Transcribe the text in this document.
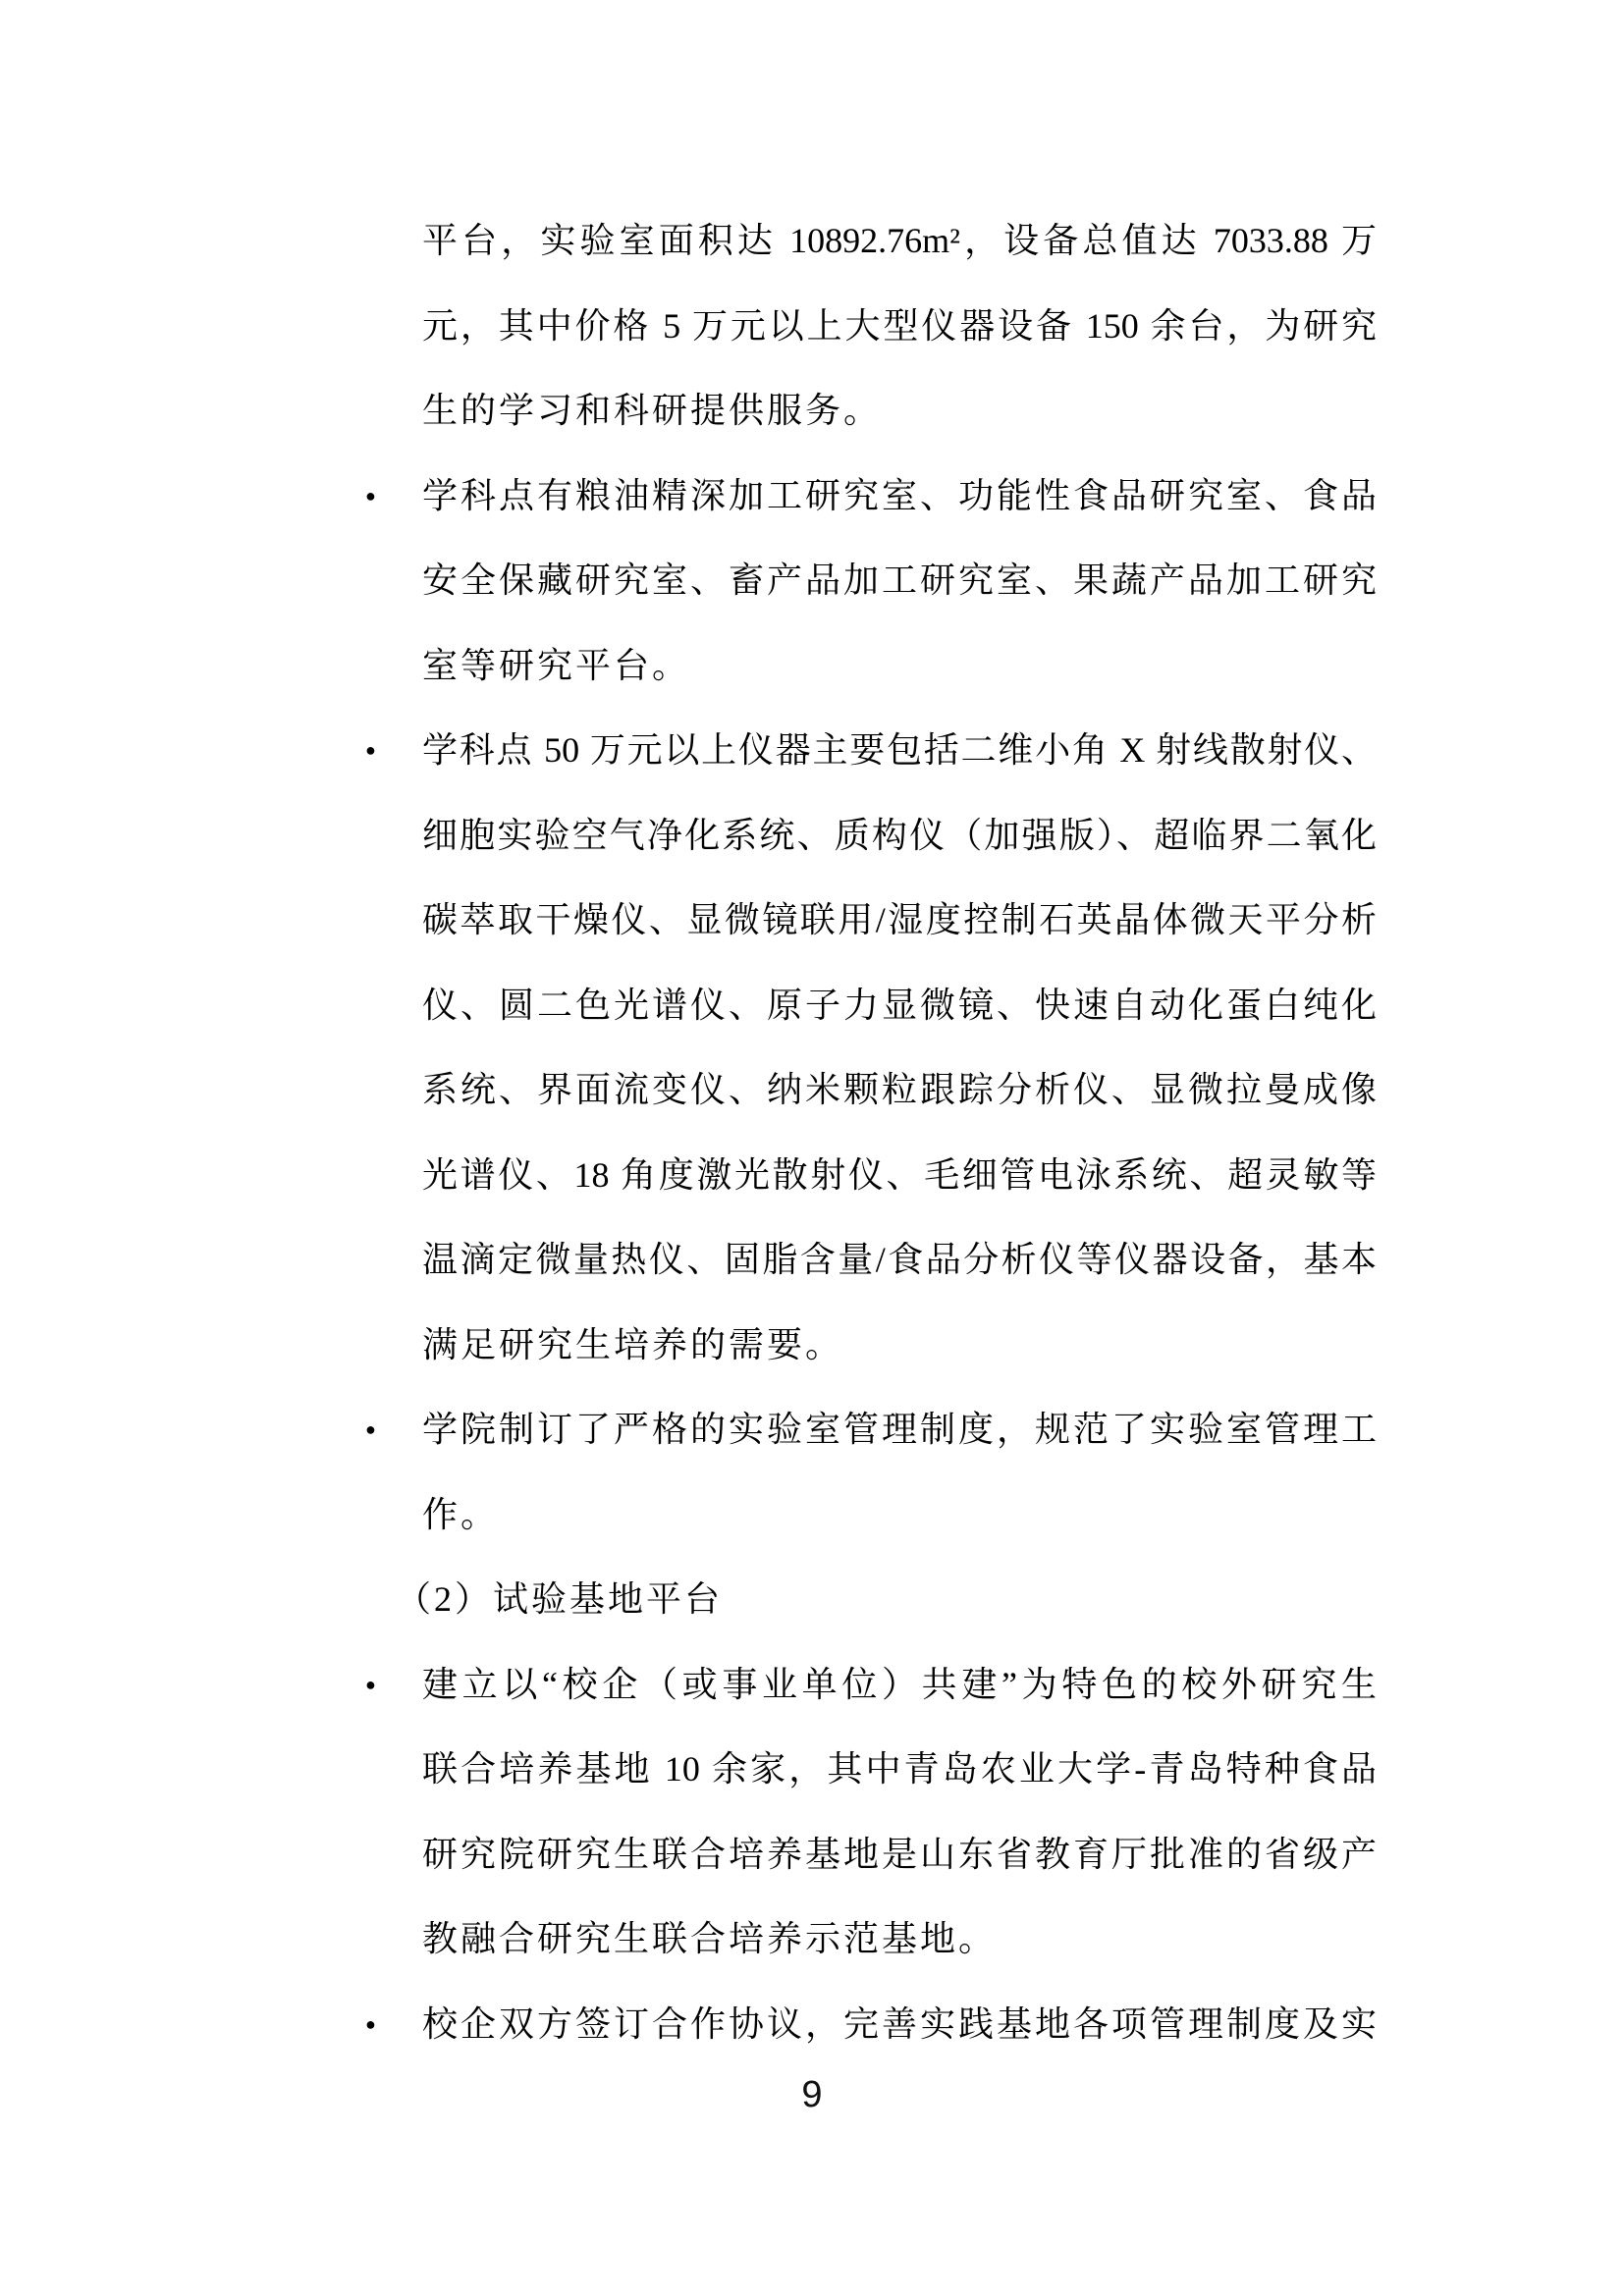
平台，实验室面积达 10892.76m²，设备总值达 7033.88 万
元，其中价格 5 万元以上大型仪器设备 150 余台，为研究
生的学习和科研提供服务。
●	学科点有粮油精深加工研究室、功能性食品研究室、食品
安全保藏研究室、畜产品加工研究室、果蔬产品加工研究
室等研究平台。
●	学科点 50 万元以上仪器主要包括二维小角 X 射线散射仪、
细胞实验空气净化系统、质构仪（加强版）、超临界二氧化
碳萃取干燥仪、显微镜联用/湿度控制石英晶体微天平分析
仪、圆二色光谱仪、原子力显微镜、快速自动化蛋白纯化
系统、界面流变仪、纳米颗粒跟踪分析仪、显微拉曼成像
光谱仪、18 角度激光散射仪、毛细管电泳系统、超灵敏等
温滴定微量热仪、固脂含量/食品分析仪等仪器设备，基本
满足研究生培养的需要。
●	学院制订了严格的实验室管理制度，规范了实验室管理工
作。
（2）试验基地平台
●	建立以“校企（或事业单位）共建”为特色的校外研究生
联合培养基地 10 余家，其中青岛农业大学-青岛特种食品
研究院研究生联合培养基地是山东省教育厅批准的省级产
教融合研究生联合培养示范基地。
●	校企双方签订合作协议，完善实践基地各项管理制度及实
9
